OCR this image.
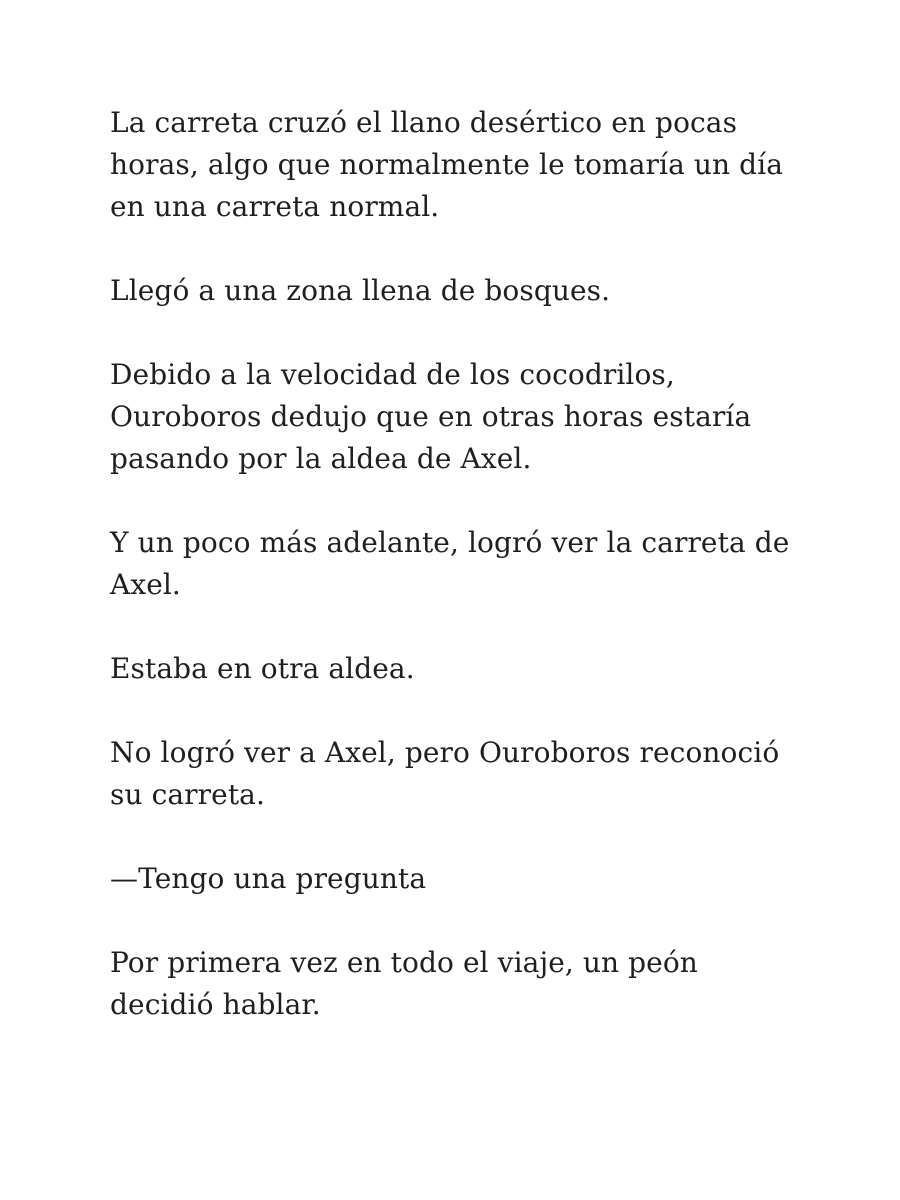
La carreta cruzó el llano desértico en pocas horas, algo que normalmente le tomaría un día en una carreta normal.

Llegó a una zona llena de bosques.

Debido a la velocidad de los cocodrilos, Ouroboros dedujo que en otras horas estaría pasando por la aldea de Axel.

Y un poco más adelante, logró ver la carreta de Axel.

Estaba en otra aldea.

No logró ver a Axel, pero Ouroboros reconoció su carreta.

—Tengo una pregunta

Por primera vez en todo el viaje, un peón decidió hablar.
